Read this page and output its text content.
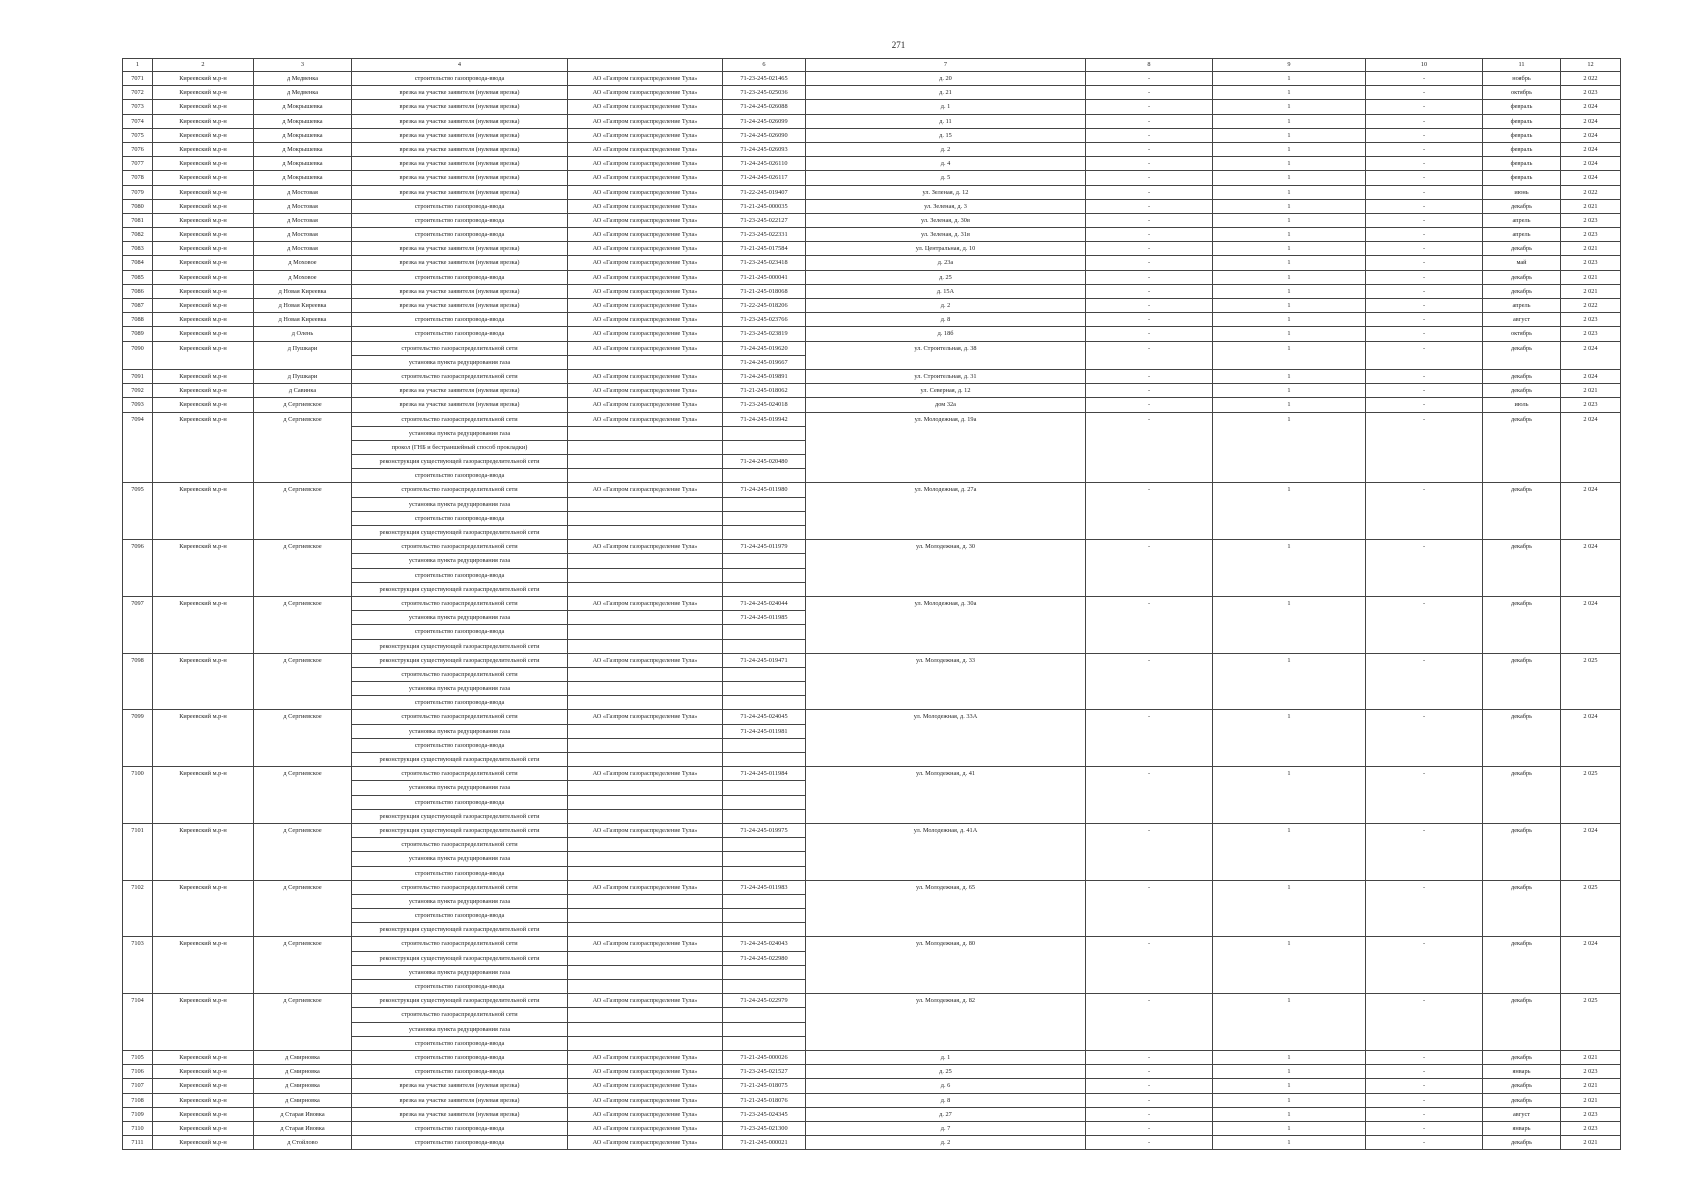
271
1	2	3	4		6	7	8	9	10	11	12
7071	Киреевский м.р-н	д Медвенка	строительство газопровода-ввода	АО «Газпром газораспределение Тула»	71-23-245-021465	д. 20	-	1	-	ноябрь	2 022
7072	Киреевский м.р-н	д Медвенка	врезка на участке заявителя (нулевая врезка)	АО «Газпром газораспределение Тула»	71-23-245-025036	д. 21	-	1	-	октябрь	2 023
7073	Киреевский м.р-н	д Мокрышевка	врезка на участке заявителя (нулевая врезка)	АО «Газпром газораспределение Тула»	71-24-245-026088	д. 1	-	1	-	февраль	2 024
7074	Киреевский м.р-н	д Мокрышевка	врезка на участке заявителя (нулевая врезка)	АО «Газпром газораспределение Тула»	71-24-245-026099	д. 11	-	1	-	февраль	2 024
7075	Киреевский м.р-н	д Мокрышевка	врезка на участке заявителя (нулевая врезка)	АО «Газпром газораспределение Тула»	71-24-245-026090	д. 15	-	1	-	февраль	2 024
7076	Киреевский м.р-н	д Мокрышевка	врезка на участке заявителя (нулевая врезка)	АО «Газпром газораспределение Тула»	71-24-245-026093	д. 2	-	1	-	февраль	2 024
7077	Киреевский м.р-н	д Мокрышевка	врезка на участке заявителя (нулевая врезка)	АО «Газпром газораспределение Тула»	71-24-245-026110	д. 4	-	1	-	февраль	2 024
7078	Киреевский м.р-н	д Мокрышевка	врезка на участке заявителя (нулевая врезка)	АО «Газпром газораспределение Тула»	71-24-245-026117	д. 5	-	1	-	февраль	2 024
7079	Киреевский м.р-н	д Мостовая	врезка на участке заявителя (нулевая врезка)	АО «Газпром газораспределение Тула»	71-22-245-019407	ул. Зеленая, д. 12	-	1	-	июнь	2 022
7080	Киреевский м.р-н	д Мостовая	строительство газопровода-ввода	АО «Газпром газораспределение Тула»	71-21-245-000035	ул. Зеленая, д. 3	-	1	-	декабрь	2 021
7081	Киреевский м.р-н	д Мостовая	строительство газопровода-ввода	АО «Газпром газораспределение Тула»	71-23-245-022127	ул. Зеленая, д. 30в	-	1	-	апрель	2 023
7082	Киреевский м.р-н	д Мостовая	строительство газопровода-ввода	АО «Газпром газораспределение Тула»	71-23-245-022331	ул. Зеленая, д. 31в	-	1	-	апрель	2 023
7083	Киреевский м.р-н	д Мостовая	врезка на участке заявителя (нулевая врезка)	АО «Газпром газораспределение Тула»	71-21-245-017584	ул. Центральная, д. 10	-	1	-	декабрь	2 021
7084	Киреевский м.р-н	д Моховое	врезка на участке заявителя (нулевая врезка)	АО «Газпром газораспределение Тула»	71-23-245-023418	д. 23а	-	1	-	май	2 023
7085	Киреевский м.р-н	д Моховое	строительство газопровода-ввода	АО «Газпром газораспределение Тула»	71-21-245-000041	д. 25	-	1	-	декабрь	2 021
7086	Киреевский м.р-н	д Новая Киреевка	врезка на участке заявителя (нулевая врезка)	АО «Газпром газораспределение Тула»	71-21-245-018068	д. 15А	-	1	-	декабрь	2 021
7087	Киреевский м.р-н	д Новая Киреевка	врезка на участке заявителя (нулевая врезка)	АО «Газпром газораспределение Тула»	71-22-245-018206	д. 2	-	1	-	апрель	2 022
7088	Киреевский м.р-н	д Новая Киреевка	строительство газопровода-ввода	АО «Газпром газораспределение Тула»	71-23-245-023766	д. 8	-	1	-	август	2 023
7089	Киреевский м.р-н	д Олень	строительство газопровода-ввода	АО «Газпром газораспределение Тула»	71-23-245-023819	д. 18б	-	1	-	октябрь	2 023
7090	Киреевский м.р-н	д Пушкари	строительство газораспределительной сети	АО «Газпром газораспределение Тула»	71-24-245-019620	ул. Строительная, д. 38	-	1	-	декабрь	2 024
			установка пункта редуцирования газа		71-24-245-019667						
7091	Киреевский м.р-н	д Пушкари	строительство газораспределительной сети	АО «Газпром газораспределение Тула»	71-24-245-019891	ул. Строительная, д. 31	-	1	-	декабрь	2 024
7092	Киреевский м.р-н	д Савинка	врезка на участке заявителя (нулевая врезка)	АО «Газпром газораспределение Тула»	71-21-245-018062	ул. Северная, д. 12	-	1	-	декабрь	2 021
7093	Киреевский м.р-н	д Сергиевское	врезка на участке заявителя (нулевая врезка)	АО «Газпром газораспределение Тула»	71-23-245-024018	дом 32а	-	1	-	июль	2 023
7094	Киреевский м.р-н	д Сергиевское	строительство газораспределительной сети	АО «Газпром газораспределение Тула»	71-24-245-019942	ул. Молодежная, д. 19а	-	1	-	декабрь	2 024
			установка пункта редуцирования газа								
			прокол (ГНБ и бестраншейный способ прокладки)								
			реконструкция существующей газораспределительной сети		71-24-245-020480						
			строительство газопровода-ввода								
7095	Киреевский м.р-н	д Сергиевское	строительство газораспределительной сети	АО «Газпром газораспределение Тула»	71-24-245-011980	ул. Молодежная, д. 27а	-	1	-	декабрь	2 024
			установка пункта редуцирования газа								
			строительство газопровода-ввода								
			реконструкция существующей газораспределительной сети								
7096	Киреевский м.р-н	д Сергиевское	строительство газораспределительной сети	АО «Газпром газораспределение Тула»	71-24-245-011979	ул. Молодежная, д. 30	-	1	-	декабрь	2 024
			установка пункта редуцирования газа								
			строительство газопровода-ввода								
			реконструкция существующей газораспределительной сети								
7097	Киреевский м.р-н	д Сергиевское	строительство газораспределительной сети	АО «Газпром газораспределение Тула»	71-24-245-024044	ул. Молодежная, д. 30а	-	1	-	декабрь	2 024
			установка пункта редуцирования газа		71-24-245-011985						
			строительство газопровода-ввода								
			реконструкция существующей газораспределительной сети								
7098	Киреевский м.р-н	д Сергиевское	реконструкция существующей газораспределительной сети	АО «Газпром газораспределение Тула»	71-24-245-019471	ул. Молодежная, д. 33	-	1	-	декабрь	2 025
			строительство газораспределительной сети								
			установка пункта редуцирования газа								
			строительство газопровода-ввода								
7099	Киреевский м.р-н	д Сергиевское	строительство газораспределительной сети	АО «Газпром газораспределение Тула»	71-24-245-024045	ул. Молодежная, д. 33А	-	1	-	декабрь	2 024
			установка пункта редуцирования газа		71-24-245-011981						
			строительство газопровода-ввода								
			реконструкция существующей газораспределительной сети								
7100	Киреевский м.р-н	д Сергиевское	строительство газораспределительной сети	АО «Газпром газораспределение Тула»	71-24-245-011984	ул. Молодежная, д. 41	-	1	-	декабрь	2 025
			установка пункта редуцирования газа								
			строительство газопровода-ввода								
			реконструкция существующей газораспределительной сети								
7101	Киреевский м.р-н	д Сергиевское	реконструкция существующей газораспределительной сети	АО «Газпром газораспределение Тула»	71-24-245-019975	ул. Молодежная, д. 41А	-	1	-	декабрь	2 024
			строительство газораспределительной сети								
			установка пункта редуцирования газа								
			строительство газопровода-ввода								
7102	Киреевский м.р-н	д Сергиевское	строительство газораспределительной сети	АО «Газпром газораспределение Тула»	71-24-245-011983	ул. Молодежная, д. 65	-	1	-	декабрь	2 025
			установка пункта редуцирования газа								
			строительство газопровода-ввода								
			реконструкция существующей газораспределительной сети								
7103	Киреевский м.р-н	д Сергиевское	строительство газораспределительной сети	АО «Газпром газораспределение Тула»	71-24-245-024043	ул. Молодежная, д. 80	-	1	-	декабрь	2 024
			реконструкция существующей газораспределительной сети		71-24-245-022980						
			установка пункта редуцирования газа								
			строительство газопровода-ввода								
7104	Киреевский м.р-н	д Сергиевское	реконструкция существующей газораспределительной сети	АО «Газпром газораспределение Тула»	71-24-245-022979	ул. Молодежная, д. 82	-	1	-	декабрь	2 025
			строительство газораспределительной сети								
			установка пункта редуцирования газа								
			строительство газопровода-ввода								
7105	Киреевский м.р-н	д Смирновка	строительство газопровода-ввода	АО «Газпром газораспределение Тула»	71-21-245-000026	д. 1	-	1	-	декабрь	2 021
7106	Киреевский м.р-н	д Смирновка	строительство газопровода-ввода	АО «Газпром газораспределение Тула»	71-23-245-021527	д. 25	-	1	-	январь	2 023
7107	Киреевский м.р-н	д Смирновка	врезка на участке заявителя (нулевая врезка)	АО «Газпром газораспределение Тула»	71-21-245-018075	д. 6	-	1	-	декабрь	2 021
7108	Киреевский м.р-н	д Смирновка	врезка на участке заявителя (нулевая врезка)	АО «Газпром газораспределение Тула»	71-21-245-018076	д. 8	-	1	-	декабрь	2 021
7109	Киреевский м.р-н	д Старая Ивовка	врезка на участке заявителя (нулевая врезка)	АО «Газпром газораспределение Тула»	71-23-245-024345	д. 27	-	1	-	август	2 023
7110	Киреевский м.р-н	д Старая Ивовка	строительство газопровода-ввода	АО «Газпром газораспределение Тула»	71-23-245-021300	д. 7	-	1	-	январь	2 023
7111	Киреевский м.р-н	д Стойлово	строительство газопровода-ввода	АО «Газпром газораспределение Тула»	71-21-245-000021	д. 2	-	1	-	декабрь	2 021
